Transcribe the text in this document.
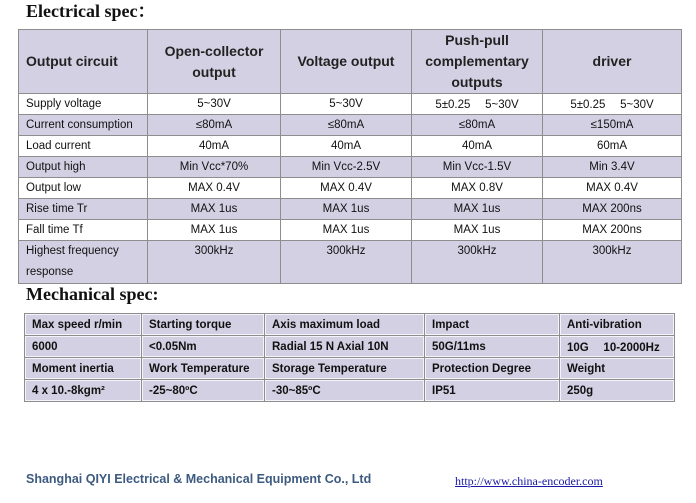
Electrical spec：
Output circuit	Open-collector output	Voltage output	Push-pull complementary outputs	driver
Supply voltage	5~30V	5~30V	5±0.25　 5~30V	5±0.25　 5~30V
Current consumption	≤80mA	≤80mA	≤80mA	≤150mA
Load current	40mA	40mA	40mA	60mA
Output high	Min Vcc*70%	Min Vcc-2.5V	Min Vcc-1.5V	Min 3.4V
Output low	MAX 0.4V	MAX 0.4V	MAX 0.8V	MAX 0.4V
Rise time Tr	MAX 1us	MAX 1us	MAX 1us	MAX 200ns
Fall time Tf	MAX 1us	MAX 1us	MAX 1us	MAX 200ns
Highest frequency response	300kHz	300kHz	300kHz	300kHz
Mechanical spec:
Max speed r/min	Starting torque	Axis maximum load	Impact	Anti-vibration
6000	<0.05Nm	Radial 15 N Axial 10N	50G/11ms	10G　 10-2000Hz
Moment inertia	Work Temperature	Storage Temperature	Protection Degree	Weight
4 x 10.-8kgm²	-25~80ºC	-30~85ºC	IP51	250g

Shanghai QIYI Electrical & Mechanical Equipment Co., Ltd	http://www.china-encoder.com
